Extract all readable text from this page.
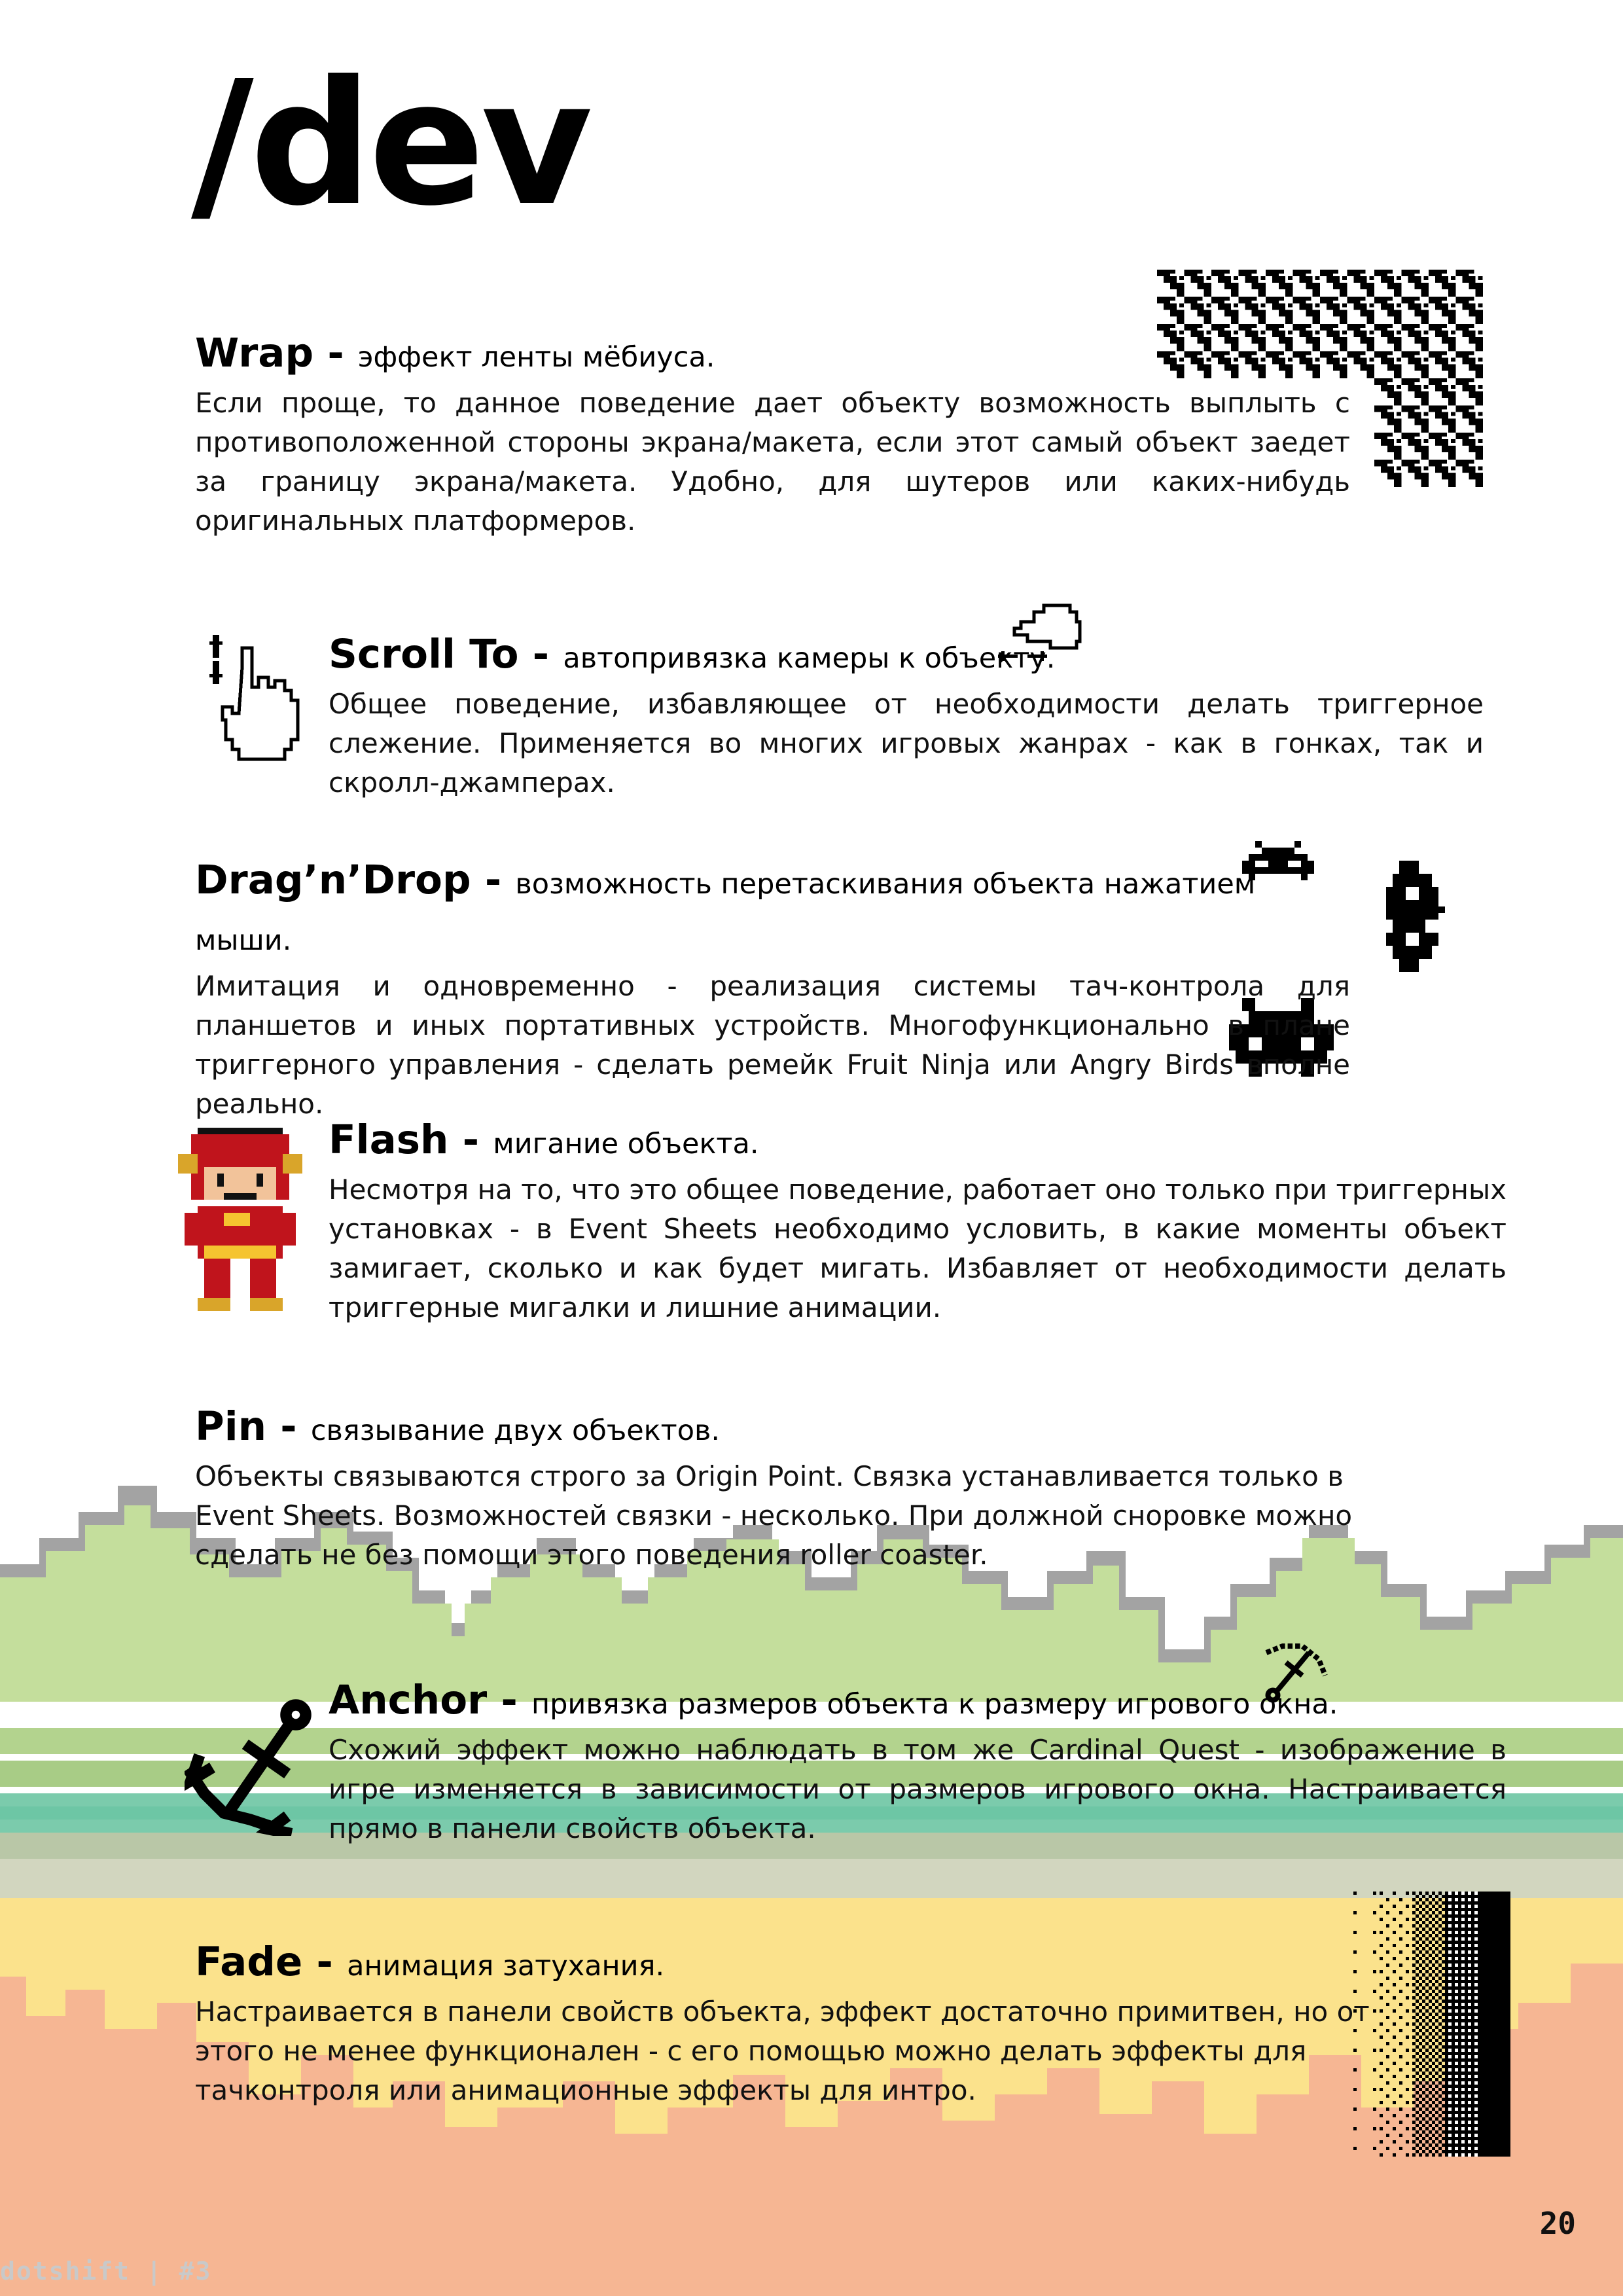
/dev
Wrap - эффект ленты мёбиуса.

Если проще, то данное поведение дает объекту возможность выплыть с противоположенной стороны экрана/макета, если этот самый объект заедет за границу экрана/макета. Удобно, для шутеров или каких-нибудь оригинальных платформеров.

Scroll To - автопривязка камеры к объекту.

Общее поведение, избавляющее от необходимости делать триггерное слежение. Применяется во многих игровых жанрах - как в гонках, так и скролл-джамперах.

Drag’n’Drop - возможность перетаскивания объекта нажатием мыши.

Имитация и одновременно - реализация системы тач-контрола для планшетов и иных портативных устройств. Многофункционально в плане триггерного управления - сделать ремейк Fruit Ninja или Angry Birds вполне реально.

Flash - мигание объекта.

Несмотря на то, что это общее поведение, работает оно только при триггерных установках - в Event Sheets необходимо условить, в какие моменты объект замигает, сколько и как будет мигать. Избавляет от необходимости делать триггерные мигалки и лишние анимации.

Pin - связывание двух объектов.

Объекты связываются строго за Origin Point. Связка устанавливается только в Event Sheets. Возможностей связки - несколько. При должной сноровке можно сделать не без помощи этого поведения roller coaster.

Anchor - привязка размеров объекта к размеру игрового окна.

Схожий эффект можно наблюдать в том же Cardinal Quest - изображение в игре изменяется в зависимости от размеров игрового окна. Настраивается прямо в панели свойств объекта.

Fade - анимация затухания.

Настраивается в панели свойств объекта, эффект достаточно примитвен, но от этого не менее функционален - с его помощью можно делать эффекты для тачконтроля или анимационные эффекты для интро.

20
dotshift | #3
